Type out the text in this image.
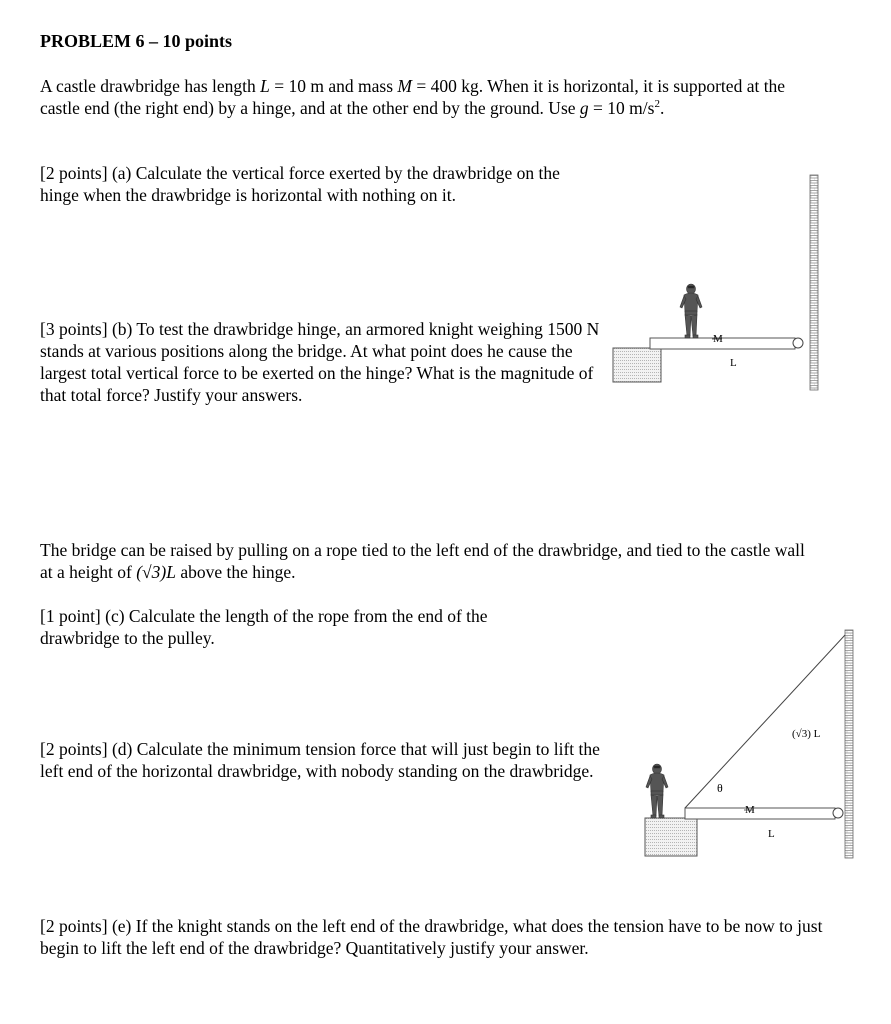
PROBLEM 6 – 10 points
A castle drawbridge has length L = 10 m and mass M = 400 kg. When it is horizontal, it is supported at the castle end (the right end) by a hinge, and at the other end by the ground. Use g = 10 $m/s^2$.
[2 points] (a) Calculate the vertical force exerted by the drawbridge on the hinge when the drawbridge is horizontal with nothing on it.
[3 points] (b) To test the drawbridge hinge, an armored knight weighing 1500 N stands at various positions along the bridge. At what point does he cause the largest total vertical force to be exerted on the hinge? What is the magnitude of that total force? Justify your answers.
The bridge can be raised by pulling on a rope tied to the left end of the drawbridge, and tied to the castle wall at a height of (√3)L above the hinge.
[1 point] (c) Calculate the length of the rope from the end of the drawbridge to the pulley.
[2 points] (d) Calculate the minimum tension force that will just begin to lift the left end of the horizontal drawbridge, with nobody standing on the drawbridge.
[2 points] (e) If the knight stands on the left end of the drawbridge, what does the tension have to be now to just begin to lift the left end of the drawbridge? Quantitatively justify your answer.
M
L
θ
(√3) L
M
L
